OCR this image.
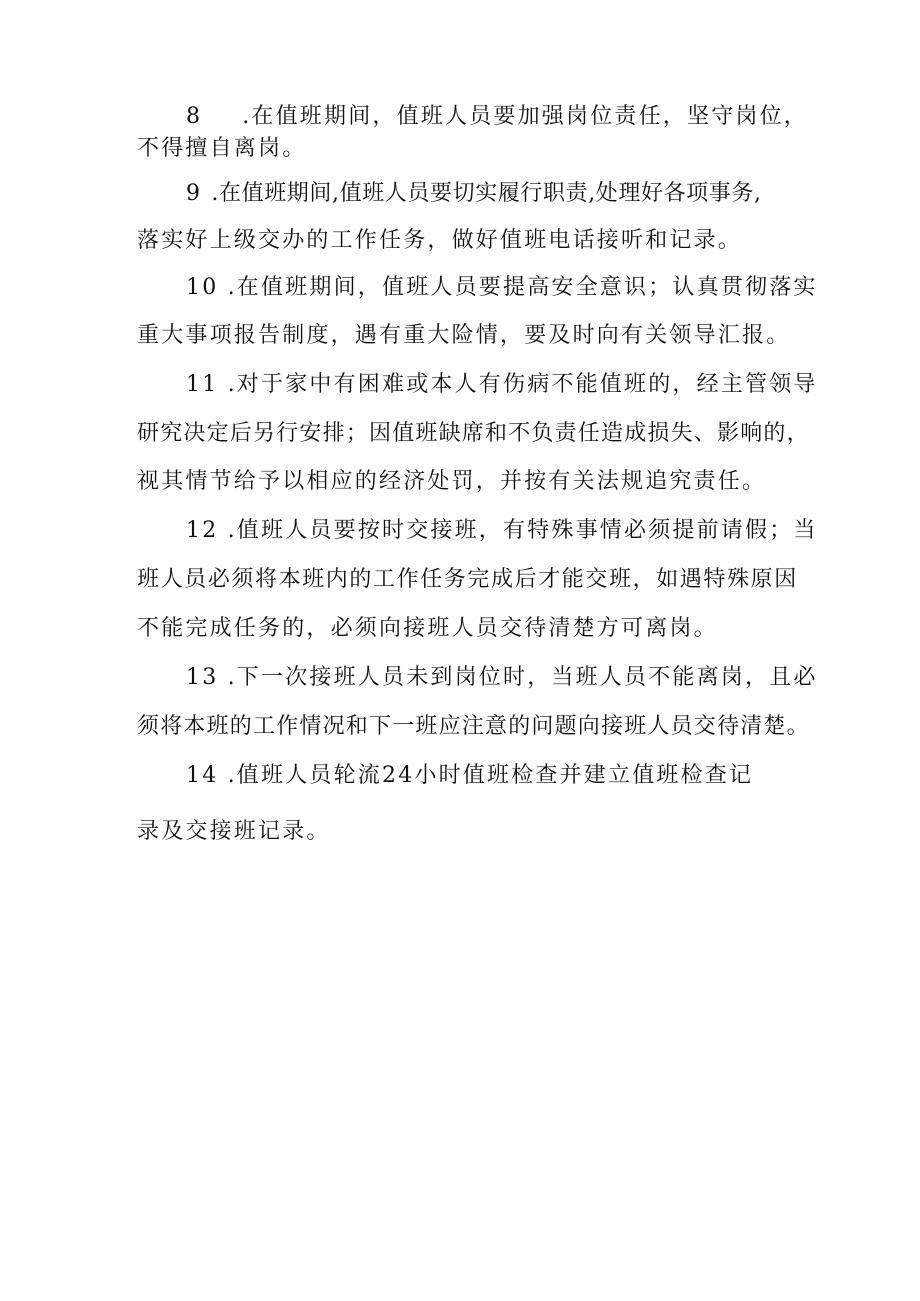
8 .在值班期间，值班人员要加强岗位责任，坚守岗位，
不得擅自离岗。
9 .在值班期间,值班人员要切实履行职责,处理好各项事务,
落实好上级交办的工作任务，做好值班电话接听和记录。
10 .在值班期间，值班人员要提高安全意识；认真贯彻落实
重大事项报告制度，遇有重大险情，要及时向有关领导汇报。
11 .对于家中有困难或本人有伤病不能值班的，经主管领导
研究决定后另行安排；因值班缺席和不负责任造成损失、影响的，
视其情节给予以相应的经济处罚，并按有关法规追究责任。
12 .值班人员要按时交接班，有特殊事情必须提前请假；当
班人员必须将本班内的工作任务完成后才能交班，如遇特殊原因
不能完成任务的，必须向接班人员交待清楚方可离岗。
13 .下一次接班人员未到岗位时，当班人员不能离岗，且必
须将本班的工作情况和下一班应注意的问题向接班人员交待清楚。
14 .值班人员轮流24小时值班检查并建立值班检查记
录及交接班记录。
